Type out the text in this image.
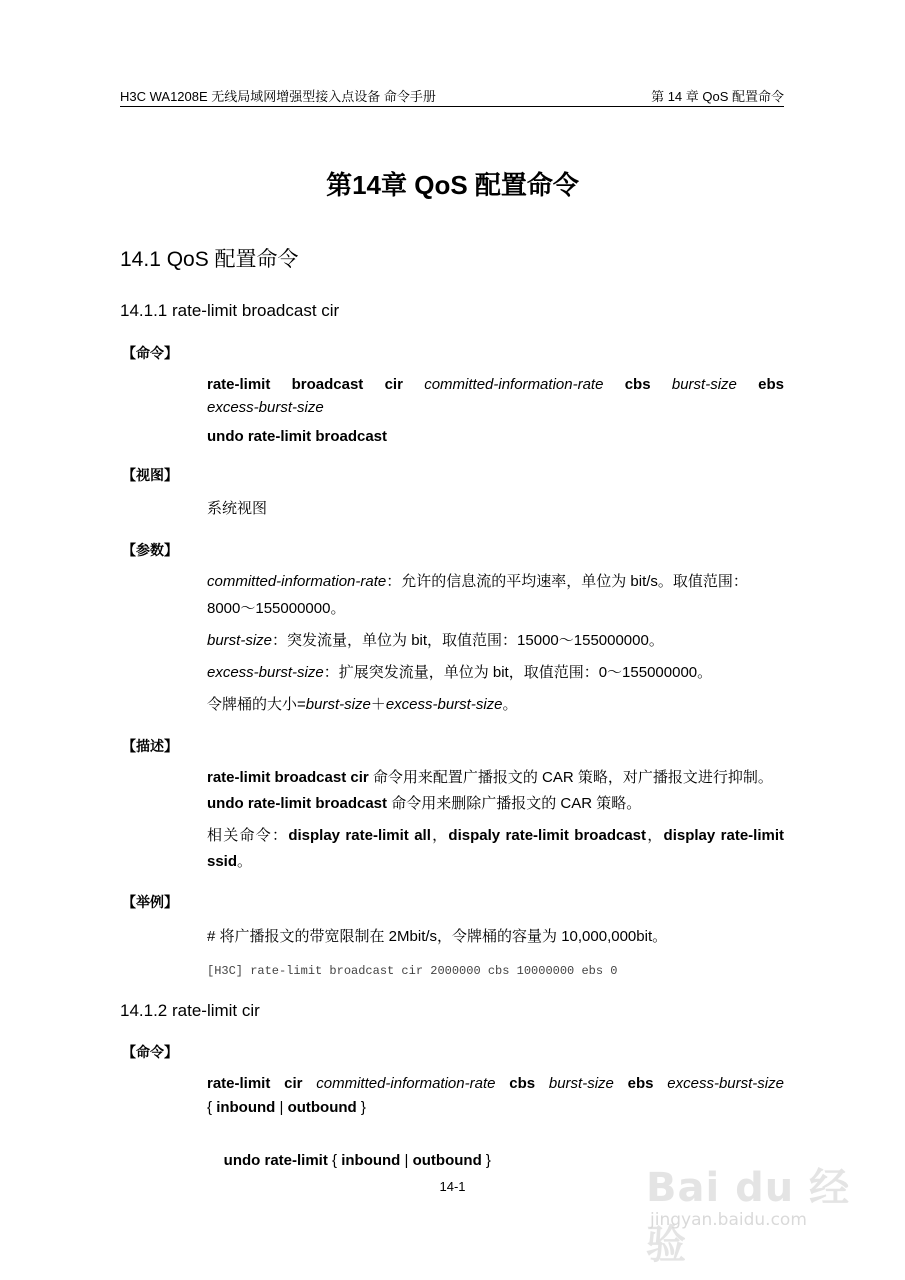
H3C WA1208E 无线局域网增强型接入点设备 命令手册	第 14 章 QoS 配置命令
第14章 QoS 配置命令
14.1 QoS 配置命令
14.1.1 rate-limit broadcast cir
【命令】
rate-limit broadcast cir committed-information-rate cbs burst-size ebs
excess-burst-size
undo rate-limit broadcast
【视图】
系统视图
【参数】
committed-information-rate：允许的信息流的平均速率，单位为 bit/s。取值范围：
8000～155000000。
burst-size：突发流量，单位为 bit，取值范围：15000～155000000。
excess-burst-size：扩展突发流量，单位为 bit，取值范围：0～155000000。
令牌桶的大小=burst-size＋excess-burst-size。
【描述】
rate-limit broadcast cir 命令用来配置广播报文的 CAR 策略，对广播报文进行抑制。
undo rate-limit broadcast 命令用来删除广播报文的 CAR 策略。
相关命令：display rate-limit all，dispaly rate-limit broadcast，display rate-limit
ssid。
【举例】
# 将广播报文的带宽限制在 2Mbit/s，令牌桶的容量为 10,000,000bit。
[H3C] rate-limit broadcast cir 2000000 cbs 10000000 ebs 0
14.1.2 rate-limit cir
【命令】
rate-limit cir committed-information-rate cbs burst-size ebs excess-burst-size
{ inbound | outbound }

undo rate-limit { inbound | outbound }

14-1	Bai du 经验
jingyan.baidu.com
